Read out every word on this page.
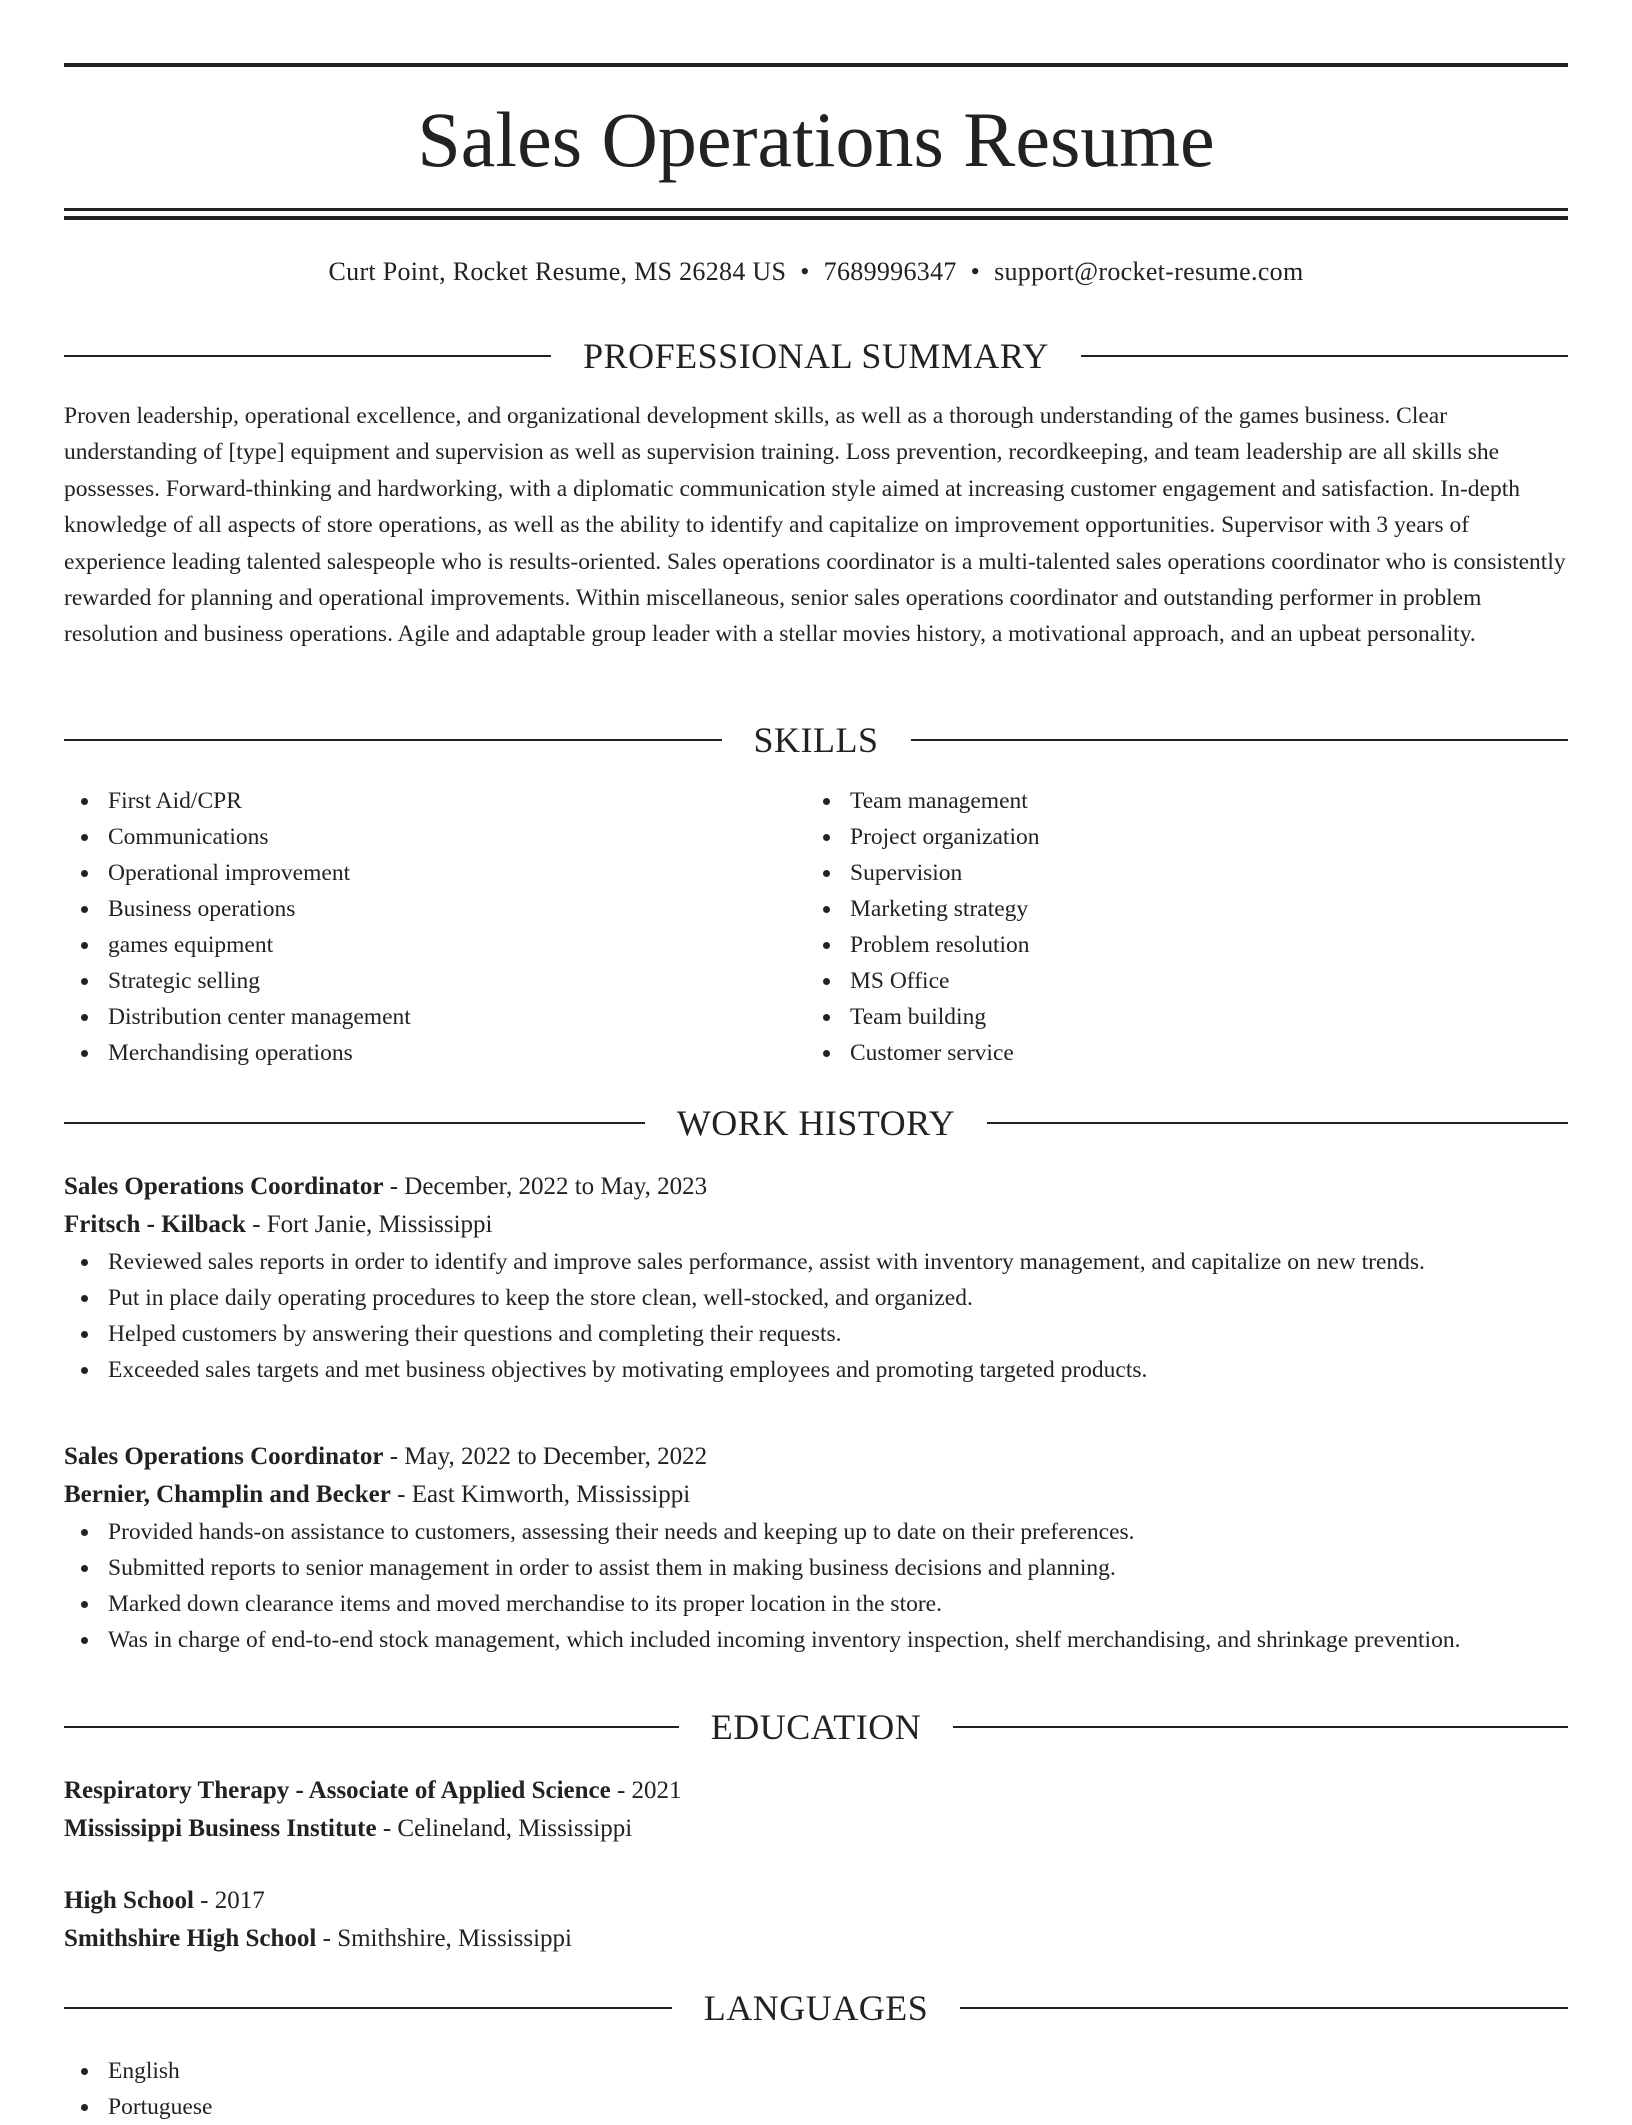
Sales Operations Resume
Curt Point, Rocket Resume, MS 26284 US • 7689996347 • support@rocket-resume.com
PROFESSIONAL SUMMARY

Proven leadership, operational excellence, and organizational development skills, as well as a thorough understanding of the games business. Clear understanding of [type] equipment and supervision as well as supervision training. Loss prevention, recordkeeping, and team leadership are all skills she possesses. Forward-thinking and hardworking, with a diplomatic communication style aimed at increasing customer engagement and satisfaction. In-depth knowledge of all aspects of store operations, as well as the ability to identify and capitalize on improvement opportunities. Supervisor with 3 years of experience leading talented salespeople who is results-oriented. Sales operations coordinator is a multi-talented sales operations coordinator who is consistently rewarded for planning and operational improvements. Within miscellaneous, senior sales operations coordinator and outstanding performer in problem resolution and business operations. Agile and adaptable group leader with a stellar movies history, a motivational approach, and an upbeat personality.

SKILLS
First Aid/CPR
Communications
Operational improvement
Business operations
games equipment
Strategic selling
Distribution center management
Merchandising operations
Team management
Project organization
Supervision
Marketing strategy
Problem resolution
MS Office
Team building
Customer service
WORK HISTORY
Sales Operations Coordinator - December, 2022 to May, 2023
Fritsch - Kilback - Fort Janie, Mississippi
Reviewed sales reports in order to identify and improve sales performance, assist with inventory management, and capitalize on new trends.
Put in place daily operating procedures to keep the store clean, well-stocked, and organized.
Helped customers by answering their questions and completing their requests.
Exceeded sales targets and met business objectives by motivating employees and promoting targeted products.
Sales Operations Coordinator - May, 2022 to December, 2022
Bernier, Champlin and Becker - East Kimworth, Mississippi
Provided hands-on assistance to customers, assessing their needs and keeping up to date on their preferences.
Submitted reports to senior management in order to assist them in making business decisions and planning.
Marked down clearance items and moved merchandise to its proper location in the store.
Was in charge of end-to-end stock management, which included incoming inventory inspection, shelf merchandising, and shrinkage prevention.
EDUCATION
Respiratory Therapy - Associate of Applied Science - 2021
Mississippi Business Institute - Celineland, Mississippi
High School - 2017
Smithshire High School - Smithshire, Mississippi
LANGUAGES
English
Portuguese
